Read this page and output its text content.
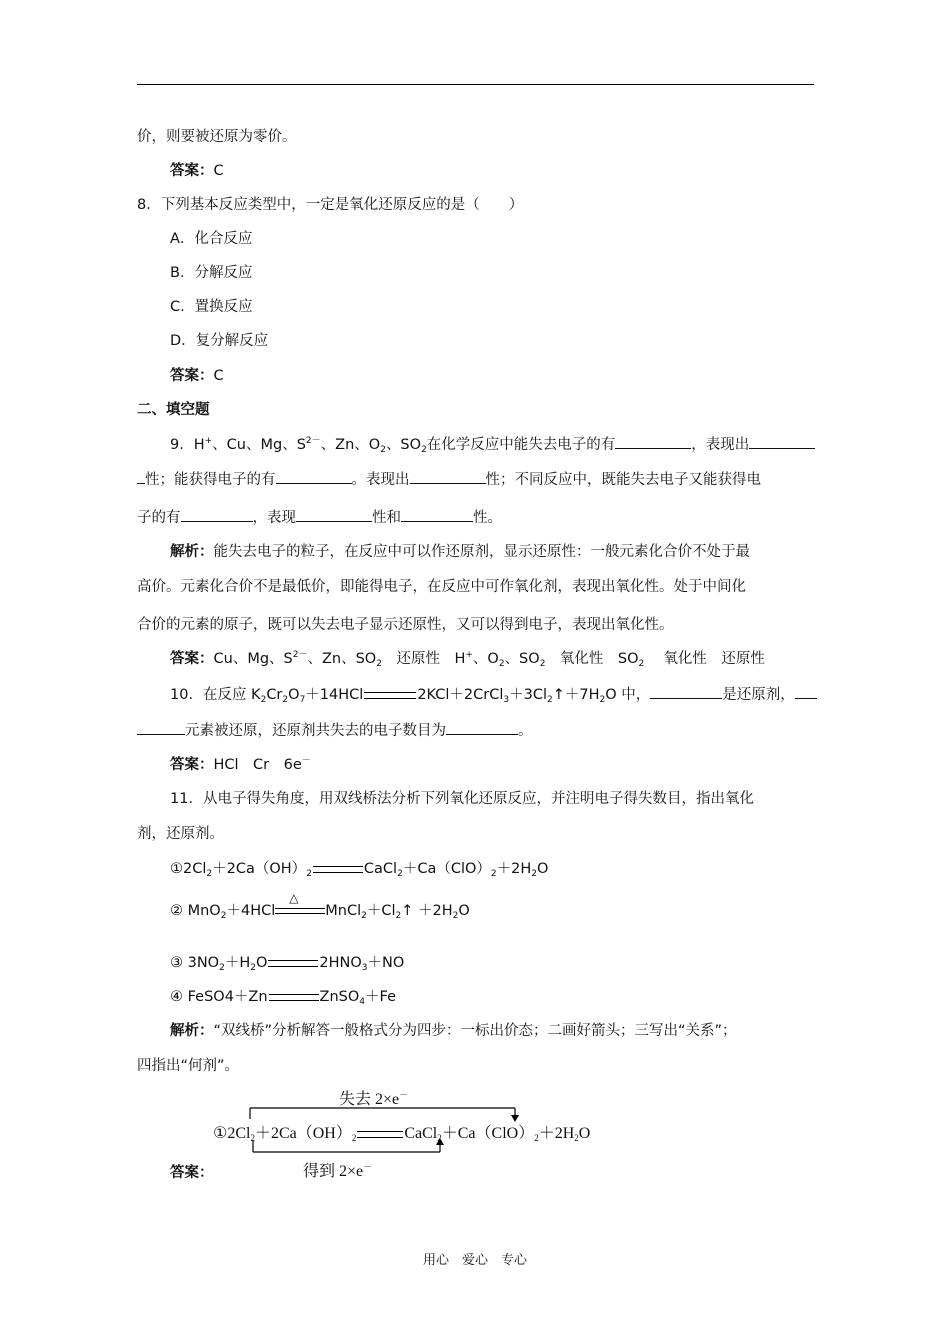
价，则要被还原为零价。
答案：C
8．下列基本反应类型中，一定是氧化还原反应的是（　　）
A．化合反应
B．分解反应
C．置换反应
D．复分解反应
答案：C
二、填空题
9．H+、Cu、Mg、$S^{2-}$、Zn、$O_2$、$SO_2$在化学反应中能失去电子的有	，表现出
性；能获得电子的有	。表现出	性；不同反应中，既能失去电子又能获得电
子的有	，表现	性和	性。
解析：能失去电子的粒子，在反应中可以作还原剂，显示还原性：一般元素化合价不处于最
高价。元素化合价不是最低价，即能得电子，在反应中可作氧化剂，表现出氧化性。处于中间化
合价的元素的原子，既可以失去电子显示还原性，又可以得到电子，表现出氧化性。
答案：Cu、Mg、$S^{2-}$、Zn、$SO_2$　还原性　H+、$O_2$、$SO_2$　氧化性　$SO_2$　 氧化性　还原性
10．在反应 $K_2Cr_2O_7+14HCl$	$2KCl+2CrCl_3+3Cl_2↑+7H_2O$ 中，	是还原剂，
元素被还原，还原剂共失去的电子数目为	。
答案：HCl　Cr　6e－
11．从电子得失角度，用双线桥法分析下列氧化还原反应，并注明电子得失数目，指出氧化
剂，还原剂。
$①2Cl_2+2Ca(OH)_2$	$CaCl_2+Ca(ClO)_2+2H_2O$
② MnO$_2$＋4HCl
△
$MnCl_2+Cl_2↑ +2H_2O$
③ $3NO_2+H_2O$	$2HNO_3+NO$
④ FeSO4＋Zn	ZnSO$_4$＋Fe
解析：“双线桥”分析解答一般格式分为四步：一标出价态；二画好箭头；三写出“关系”；
四指出“何剂”。
失去 2×e－
$①2Cl_2+2Ca(OH)_2$	$CaCl_2+Ca(ClO)_2+2H_2O$
得到 2×e－
答案：
用心　爱心　专心
